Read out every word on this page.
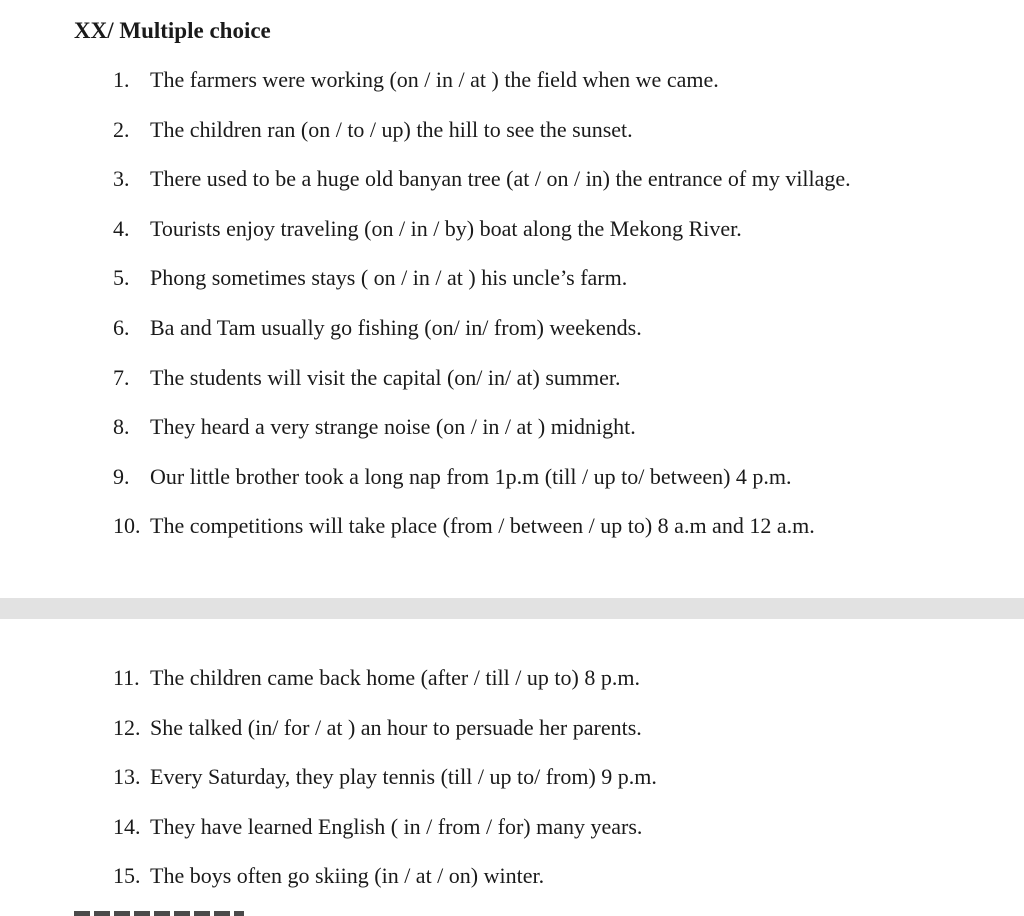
XX/ Multiple choice
1. The farmers were working (on / in / at ) the field when we came.
2. The children ran (on / to / up) the hill to see the sunset.
3. There used to be a huge old banyan tree (at / on / in) the entrance of my village.
4. Tourists enjoy traveling (on / in / by) boat along the Mekong River.
5. Phong sometimes stays ( on / in / at ) his uncle’s farm.
6. Ba and Tam usually go fishing (on/ in/ from) weekends.
7. The students will visit the capital (on/ in/ at) summer.
8. They heard a very strange noise (on / in / at ) midnight.
9. Our little brother took a long nap from 1p.m (till / up to/ between) 4 p.m.
10. The competitions will take place (from / between / up to) 8 a.m and 12 a.m.
11. The children came back home (after / till / up to) 8 p.m.
12. She talked (in/ for / at ) an hour to persuade her parents.
13. Every Saturday, they play tennis (till / up to/ from) 9 p.m.
14. They have learned English ( in / from / for) many years.
15. The boys often go skiing (in / at / on) winter.
